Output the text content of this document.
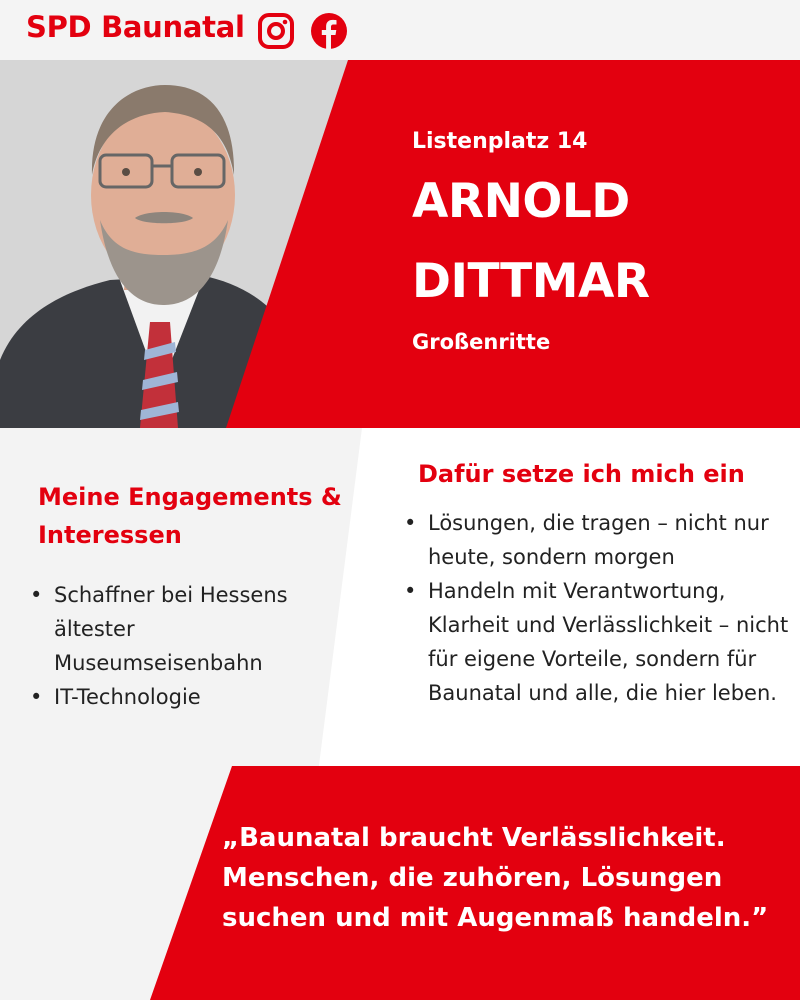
SPD Baunatal
Listenplatz 14
ARNOLD
DITTMAR
Großenritte
Meine Engagements & Interessen
• Schaffner bei Hessens ältester Museumseisenbahn
• IT-Technologie
Dafür setze ich mich ein
• Lösungen, die tragen – nicht nur heute, sondern morgen
• Handeln mit Verantwortung, Klarheit und Verlässlichkeit – nicht für eigene Vorteile, sondern für Baunatal und alle, die hier leben.
„Baunatal braucht Verlässlichkeit. Menschen, die zuhören, Lösungen suchen und mit Augenmaß handeln.”
